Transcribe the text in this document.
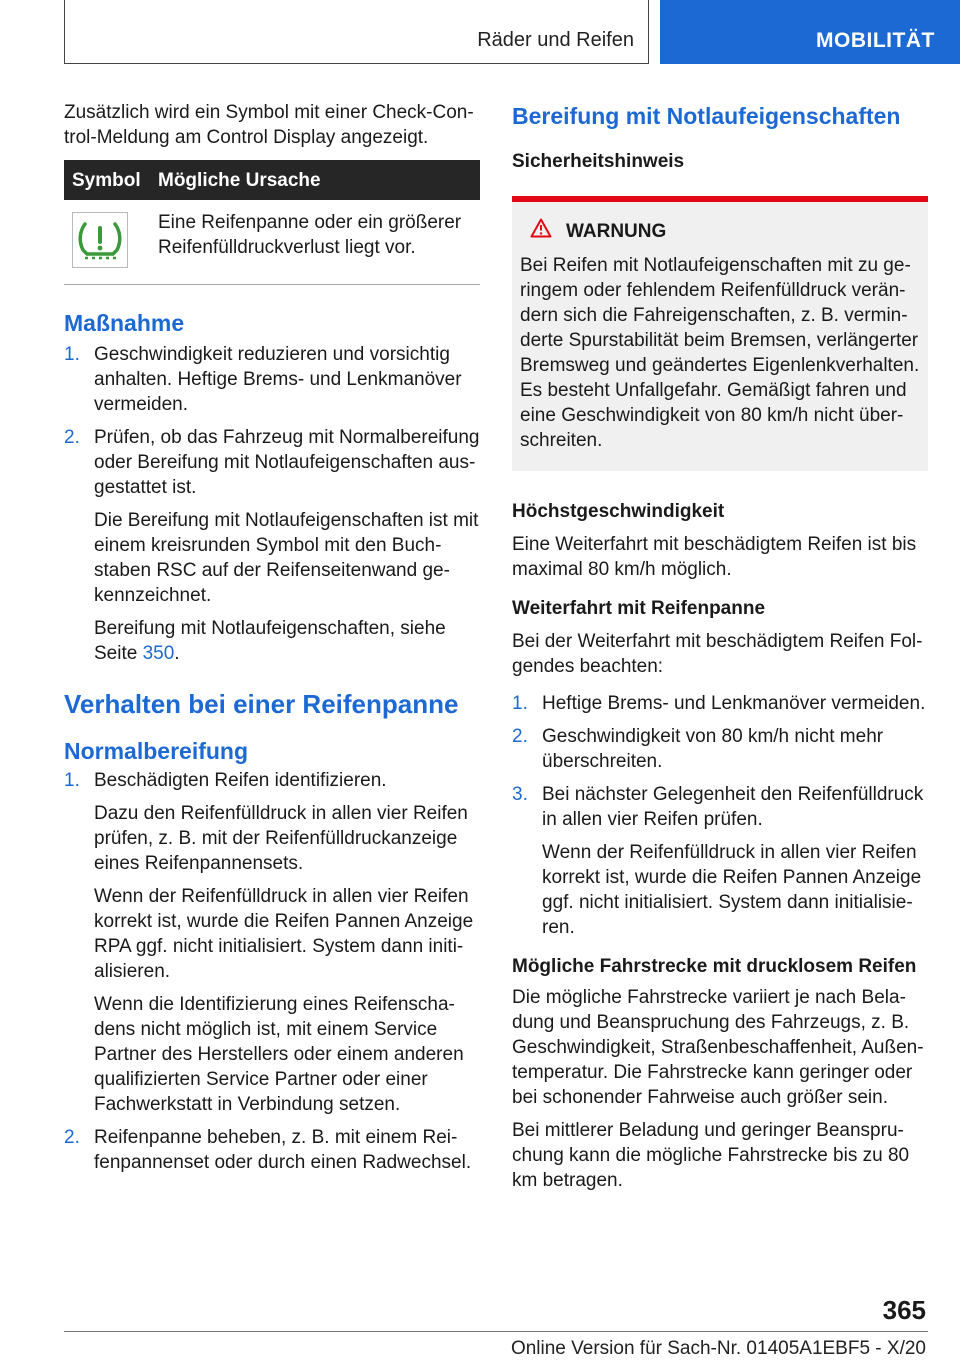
Räder und Reifen	MOBILITÄT

Zusätzlich wird ein Symbol mit einer Check-Control-Meldung am Control Display angezeigt.

Symbol	Mögliche Ursache

	Eine Reifenpanne oder ein größerer Reifenfülldruckverlust liegt vor.

Maßnahme

1. Geschwindigkeit reduzieren und vorsichtig anhalten. Heftige Brems- und Lenkmanöver vermeiden.

2. Prüfen, ob das Fahrzeug mit Normalbereifung oder Bereifung mit Notlaufeigenschaften ausgestattet ist.

Die Bereifung mit Notlaufeigenschaften ist mit einem kreisrunden Symbol mit den Buchstaben RSC auf der Reifenseitenwand gekennzeichnet.

Bereifung mit Notlaufeigenschaften, siehe Seite 350.

Verhalten bei einer Reifenpanne

Normalbereifung

1. Beschädigten Reifen identifizieren.

Dazu den Reifenfülldruck in allen vier Reifen prüfen, z. B. mit der Reifenfülldruckanzeige eines Reifenpannensets.

Wenn der Reifenfülldruck in allen vier Reifen korrekt ist, wurde die Reifen Pannen Anzeige RPA ggf. nicht initialisiert. System dann initialisieren.

Wenn die Identifizierung eines Reifenschadens nicht möglich ist, mit einem Service Partner des Herstellers oder einem anderen qualifizierten Service Partner oder einer Fachwerkstatt in Verbindung setzen.

2. Reifenpanne beheben, z. B. mit einem Reifenpannenset oder durch einen Radwechsel.

Bereifung mit Notlaufeigenschaften

Sicherheitshinweis

WARNUNG

Bei Reifen mit Notlaufeigenschaften mit zu geringem oder fehlendem Reifenfülldruck verändern sich die Fahreigenschaften, z. B. verminderte Spurstabilität beim Bremsen, verlängerter Bremsweg und geändertes Eigenlenkverhalten. Es besteht Unfallgefahr. Gemäßigt fahren und eine Geschwindigkeit von 80 km/h nicht überschreiten.

Höchstgeschwindigkeit

Eine Weiterfahrt mit beschädigtem Reifen ist bis maximal 80 km/h möglich.

Weiterfahrt mit Reifenpanne

Bei der Weiterfahrt mit beschädigtem Reifen Folgendes beachten:

1. Heftige Brems- und Lenkmanöver vermeiden.

2. Geschwindigkeit von 80 km/h nicht mehr überschreiten.

3. Bei nächster Gelegenheit den Reifenfülldruck in allen vier Reifen prüfen.

Wenn der Reifenfülldruck in allen vier Reifen korrekt ist, wurde die Reifen Pannen Anzeige ggf. nicht initialisiert. System dann initialisieren.

Mögliche Fahrstrecke mit drucklosem Reifen

Die mögliche Fahrstrecke variiert je nach Beladung und Beanspruchung des Fahrzeugs, z. B. Geschwindigkeit, Straßenbeschaffenheit, Außentemperatur. Die Fahrstrecke kann geringer oder bei schonender Fahrweise auch größer sein.

Bei mittlerer Beladung und geringer Beanspruchung kann die mögliche Fahrstrecke bis zu 80 km betragen.

365
Online Version für Sach-Nr. 01405A1EBF5 - X/20
